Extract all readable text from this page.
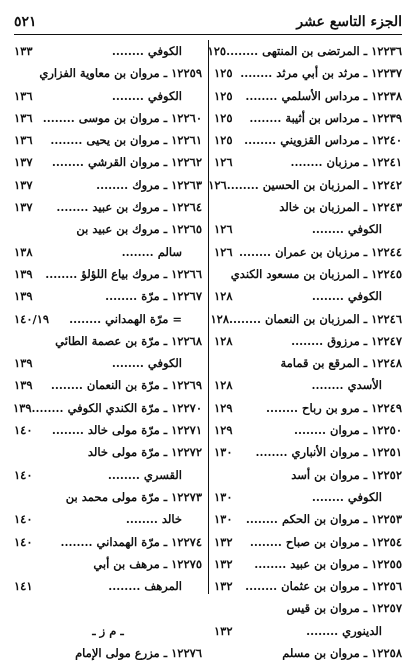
الجزء التاسع عشر
٥٢١
١٢٢٣٦ ـ المرتضى بن المنتهى ........
١٢٥
١٢٢٣٧ ـ مرثد بن أبي مرثد ........
١٢٥
١٢٢٣٨ ـ مرداس الأسلمي ........
١٢٥
١٢٢٣٩ ـ مرداس بن أثيبة ........
١٢٥
١٢٢٤٠ ـ مرداس القزويني ........
١٢٥
١٢٢٤١ ـ مرزبان ........
١٢٦
١٢٢٤٢ ـ المرزبان بن الحسين ........
١٢٦
١٢٢٤٣ ـ المرزبان بن خالد
الكوفي ........
١٢٦
١٢٢٤٤ ـ مرزبان بن عمران ........
١٢٦
١٢٢٤٥ ـ المرزبان بن مسعود الكندي
الكوفي ........
١٢٨
١٢٢٤٦ ـ المرزبان بن النعمان ........
١٢٨
١٢٢٤٧ ـ مرزوق ........
١٢٨
١٢٢٤٨ ـ المرقع بن قمامة
الأسدي ........
١٢٨
١٢٢٤٩ ـ مرو بن رباح ........
١٢٩
١٢٢٥٠ ـ مروان ........
١٢٩
١٢٢٥١ ـ مروان الأنباري ........
١٣٠
١٢٢٥٢ ـ مروان بن أسد
الكوفي ........
١٣٠
١٢٢٥٣ ـ مروان بن الحكم ........
١٣٠
١٢٢٥٤ ـ مروان بن صباح ........
١٣٢
١٢٢٥٥ ـ مروان بن عبيد ........
١٣٢
١٢٢٥٦ ـ مروان بن عثمان ........
١٣٢
١٢٢٥٧ ـ مروان بن قيس
الدينوري ........
١٣٢
١٢٢٥٨ ـ مروان بن مسلم
الكوفي ........
١٣٣
١٢٢٥٩ ـ مروان بن معاوية الفزاري
الكوفي ........
١٣٦
١٢٢٦٠ ـ مروان بن موسى ........
١٣٦
١٢٢٦١ ـ مروان بن يحيى ........
١٣٦
١٢٢٦٢ ـ مروان القرشي ........
١٣٧
١٢٢٦٣ ـ مروك ........
١٣٧
١٢٢٦٤ ـ مروك بن عبيد ........
١٣٧
١٢٢٦٥ ـ مروك بن عبيد بن
سالم ........
١٣٨
١٢٢٦٦ ـ مروك بياع اللؤلؤ ........
١٣٩
١٢٢٦٧ ـ مرّة ........
١٣٩
= مرّة الهمداني ........
١٤٠/١٩
١٢٢٦٨ ـ مرّة بن عصمة الطائي
الكوفي ........
١٣٩
١٢٢٦٩ ـ مرّة بن النعمان ........
١٣٩
١٢٢٧٠ ـ مرّة الكندي الكوفي ........
١٣٩
١٢٢٧١ ـ مرّة مولى خالد ........
١٤٠
١٢٢٧٢ ـ مرّة مولى خالد
القسري ........
١٤٠
١٢٢٧٣ ـ مرّة مولى محمد بن
خالد ........
١٤٠
١٢٢٧٤ ـ مرّة الهمداني ........
١٤٠
١٢٢٧٥ ـ مرهف بن أبي
المرهف ........
١٤١
ـ م ز ـ
١٢٢٧٦ ـ مزرع مولى الإمام
